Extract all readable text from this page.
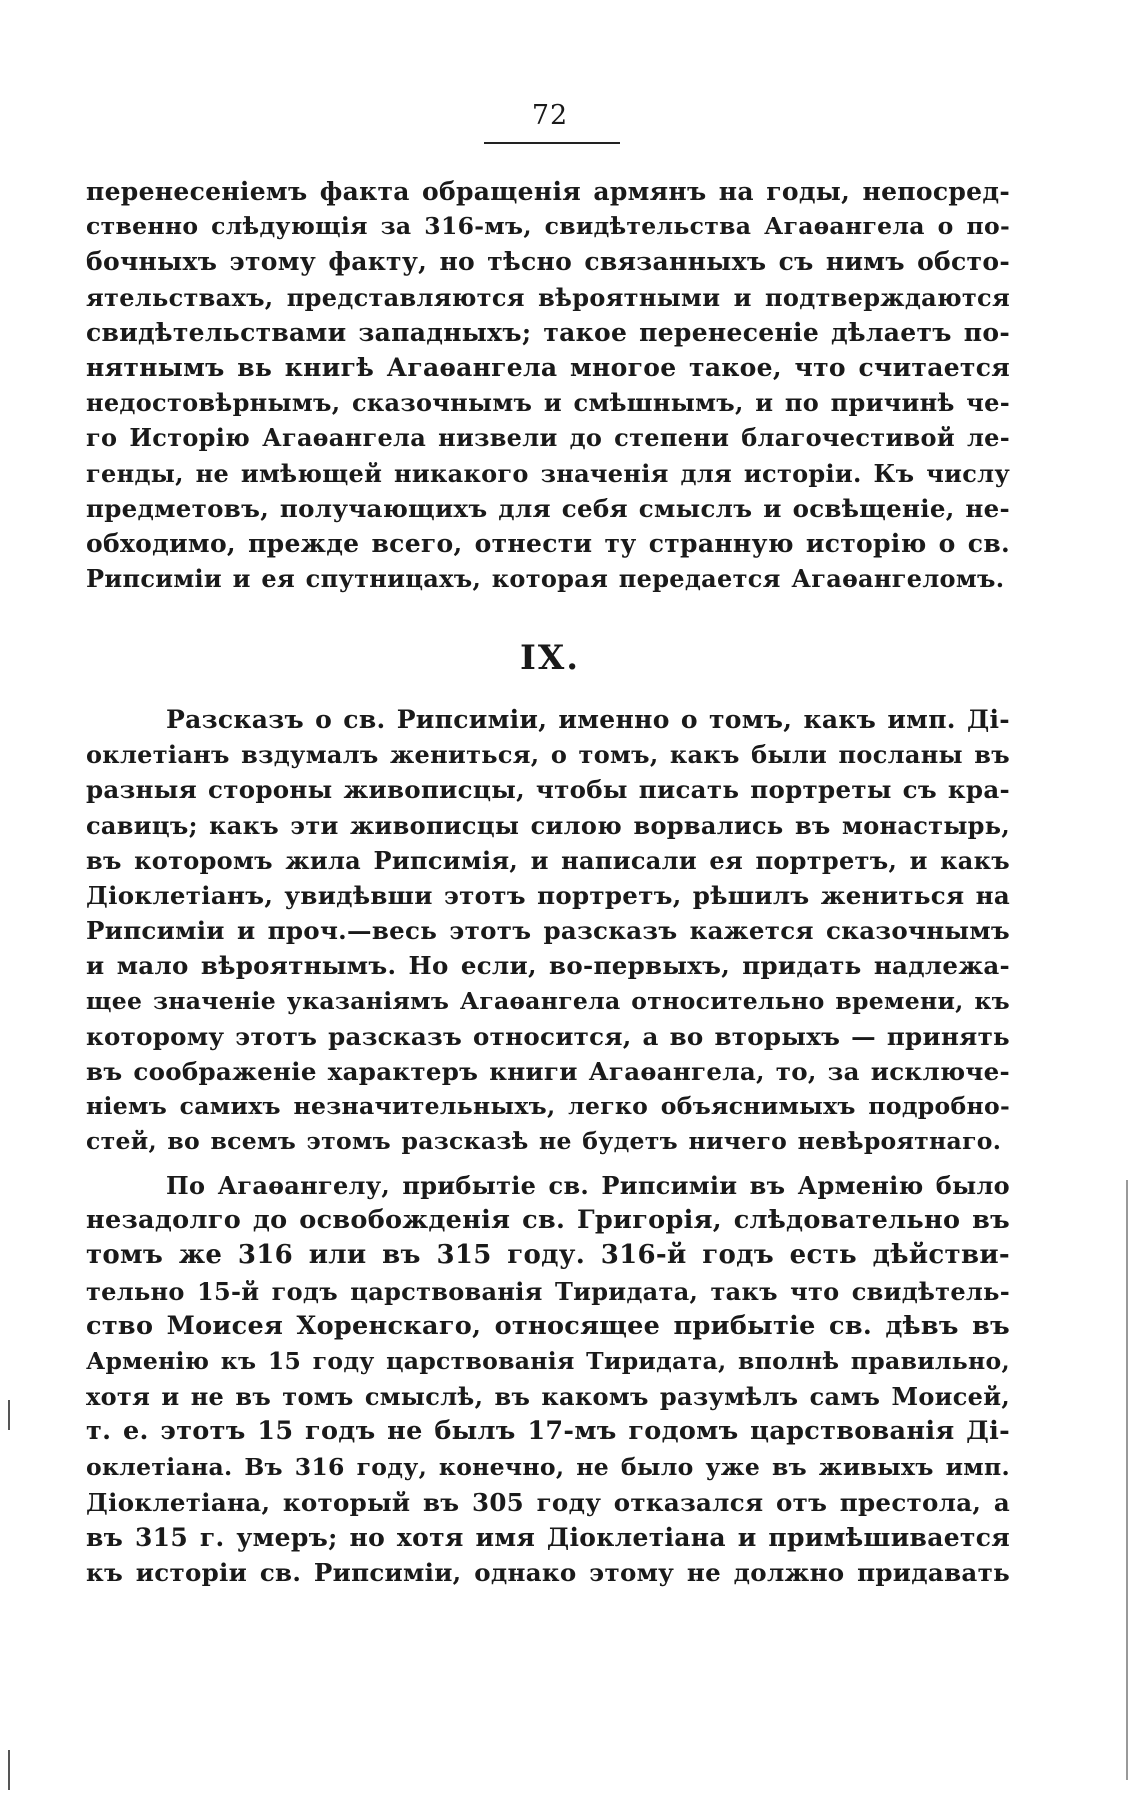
72
перенесеніемъ факта обращенія армянъ на годы, непосред-
ственно слѣдующія за 316-мъ, свидѣтельства Агаѳангела о по-
бочныхъ этому факту, но тѣсно связанныхъ съ нимъ обсто-
ятельствахъ, представляются вѣроятными и подтверждаются
свидѣтельствами западныхъ; такое перенесеніе дѣлаетъ по-
нятнымъ вь книгѣ Агаѳангела многое такое, что считается
недостовѣрнымъ, сказочнымъ и смѣшнымъ, и по причинѣ че-
го Исторію Агаѳангела низвели до степени благочестивой ле-
генды, не имѣющей никакого значенія для исторіи. Къ числу
предметовъ, получающихъ для себя смыслъ и освѣщеніе, не-
обходимо, прежде всего, отнести ту странную исторію о св.
Рипсиміи и ея спутницахъ, которая передается Агаѳангеломъ.
IX.
Разсказъ о св. Рипсиміи, именно о томъ, какъ имп. Ді-
оклетіанъ вздумалъ жениться, о томъ, какъ были посланы въ
разныя стороны живописцы, чтобы писать портреты съ кра-
савицъ; какъ эти живописцы силою ворвались въ монастырь,
въ которомъ жила Рипсимія, и написали ея портретъ, и какъ
Діоклетіанъ, увидѣвши этотъ портретъ, рѣшилъ жениться на
Рипсиміи и проч.—весь этотъ разсказъ кажется сказочнымъ
и мало вѣроятнымъ. Но если, во-первыхъ, придать надлежа-
щее значеніе указаніямъ Агаѳангела относительно времени, къ
которому этотъ разсказъ относится, а во вторыхъ — принять
въ соображеніе характеръ книги Агаѳангела, то, за исключе-
ніемъ самихъ незначительныхъ, легко объяснимыхъ подробно-
стей, во всемъ этомъ разсказѣ не будетъ ничего невѣроятнаго.
По Агаѳангелу, прибытіе св. Рипсиміи въ Арменію было
незадолго до освобожденія св. Григорія, слѣдовательно въ
томъ же 316 или въ 315 году. 316-й годъ есть дѣйстви-
тельно 15-й годъ царствованія Тиридата, такъ что свидѣтель-
ство Моисея Хоренскаго, относящее прибытіе св. дѣвъ въ
Арменію къ 15 году царствованія Тиридата, вполнѣ правильно,
хотя и не въ томъ смыслѣ, въ какомъ разумѣлъ самъ Моисей,
т. е. этотъ 15 годъ не былъ 17-мъ годомъ царствованія Ді-
оклетіана. Въ 316 году, конечно, не было уже въ живыхъ имп.
Діоклетіана, который въ 305 году отказался отъ престола, а
въ 315 г. умеръ; но хотя имя Діоклетіана и примѣшивается
къ исторіи св. Рипсиміи, однако этому не должно придавать
